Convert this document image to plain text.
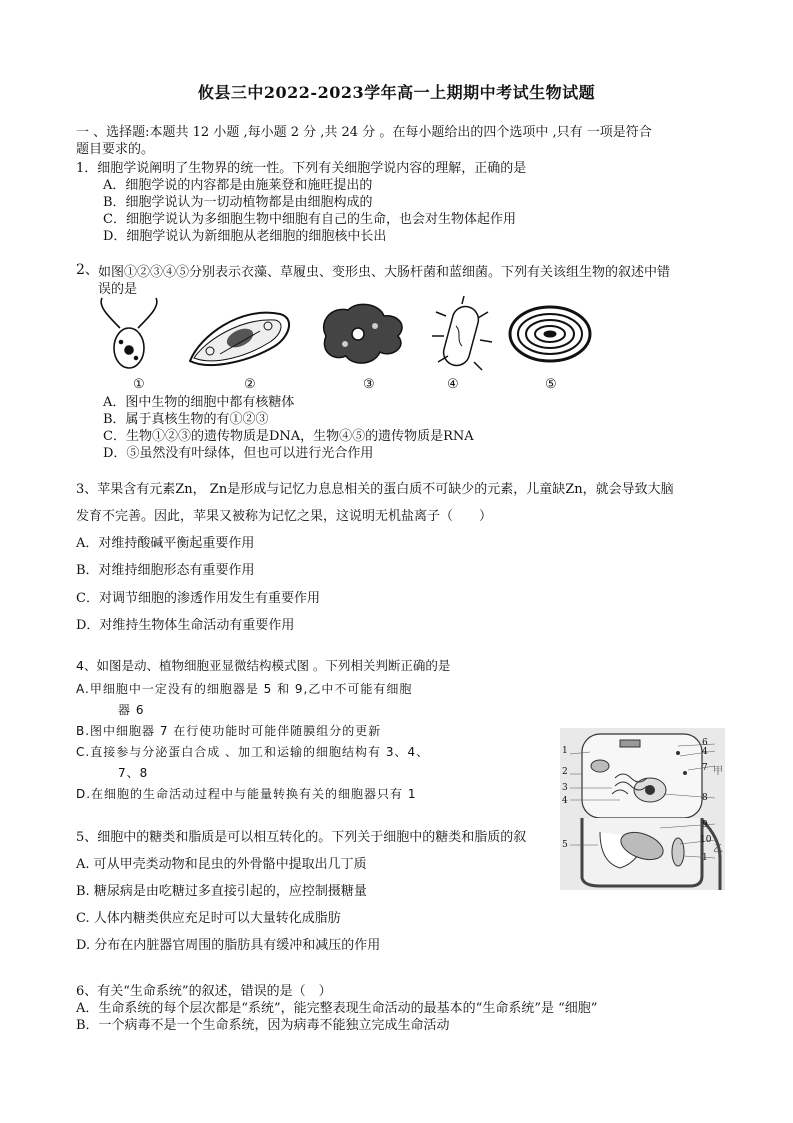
攸县三中2022-2023学年高一上期期中考试生物试题
一 、选择题:本题共 12 小题 ,每小题 2 分 ,共 24 分 。在每小题给出的四个选项中 ,只有 一项是符合
题目要求的。
1．细胞学说阐明了生物界的统一性。下列有关细胞学说内容的理解，正确的是
A．细胞学说的内容都是由施莱登和施旺提出的
B．细胞学说认为一切动植物都是由细胞构成的
C．细胞学说认为多细胞生物中细胞有自己的生命，也会对生物体起作用
D．细胞学说认为新细胞从老细胞的细胞核中长出
2、 如图①②③④⑤分别表示衣藻、草履虫、变形虫、大肠杆菌和蓝细菌。下列有关该组生物的叙述中错
误的是
①	②	③	④	⑤
A．图中生物的细胞中都有核糖体
B．属于真核生物的有①②③
C．生物①②③的遗传物质是DNA，生物④⑤的遗传物质是RNA
D．⑤虽然没有叶绿体，但也可以进行光合作用
3、苹果含有元素Zn， Zn是形成与记忆力息息相关的蛋白质不可缺少的元素，儿童缺Zn，就会导致大脑
发育不完善。因此，苹果又被称为记忆之果，这说明无机盐离子（　　）
A．对维持酸碱平衡起重要作用
B．对维持细胞形态有重要作用
C．对调节细胞的渗透作用发生有重要作用
D．对维持生物体生命活动有重要作用
4、如图是动、植物细胞亚显微结构模式图 。下列相关判断正确的是
A.甲细胞中一定没有的细胞器是 5 和 9,乙中不可能有细胞
器 6
B.图中细胞器 7 在行使功能时可能伴随膜组分的更新
C.直接参与分泌蛋白合成 、加工和运输的细胞结构有 3、4、
7、8
D.在细胞的生命活动过程中与能量转换有关的细胞器只有 1
1
2
3
4
5
6
4
7
8
9
10
1
甲
乙
5、细胞中的糖类和脂质是可以相互转化的。下列关于细胞中的糖类和脂质的叙
A. 可从甲壳类动物和昆虫的外骨骼中提取出几丁质
B. 糖尿病是由吃糖过多直接引起的，应控制摄糖量
C. 人体内糖类供应充足时可以大量转化成脂肪
D. 分布在内脏器官周围的脂肪具有缓冲和减压的作用
6、有关“生命系统”的叙述，错误的是（　）
A．生命系统的每个层次都是“系统”，能完整表现生命活动的最基本的“生命系统”是 “细胞”
B．一个病毒不是一个生命系统，因为病毒不能独立完成生命活动
